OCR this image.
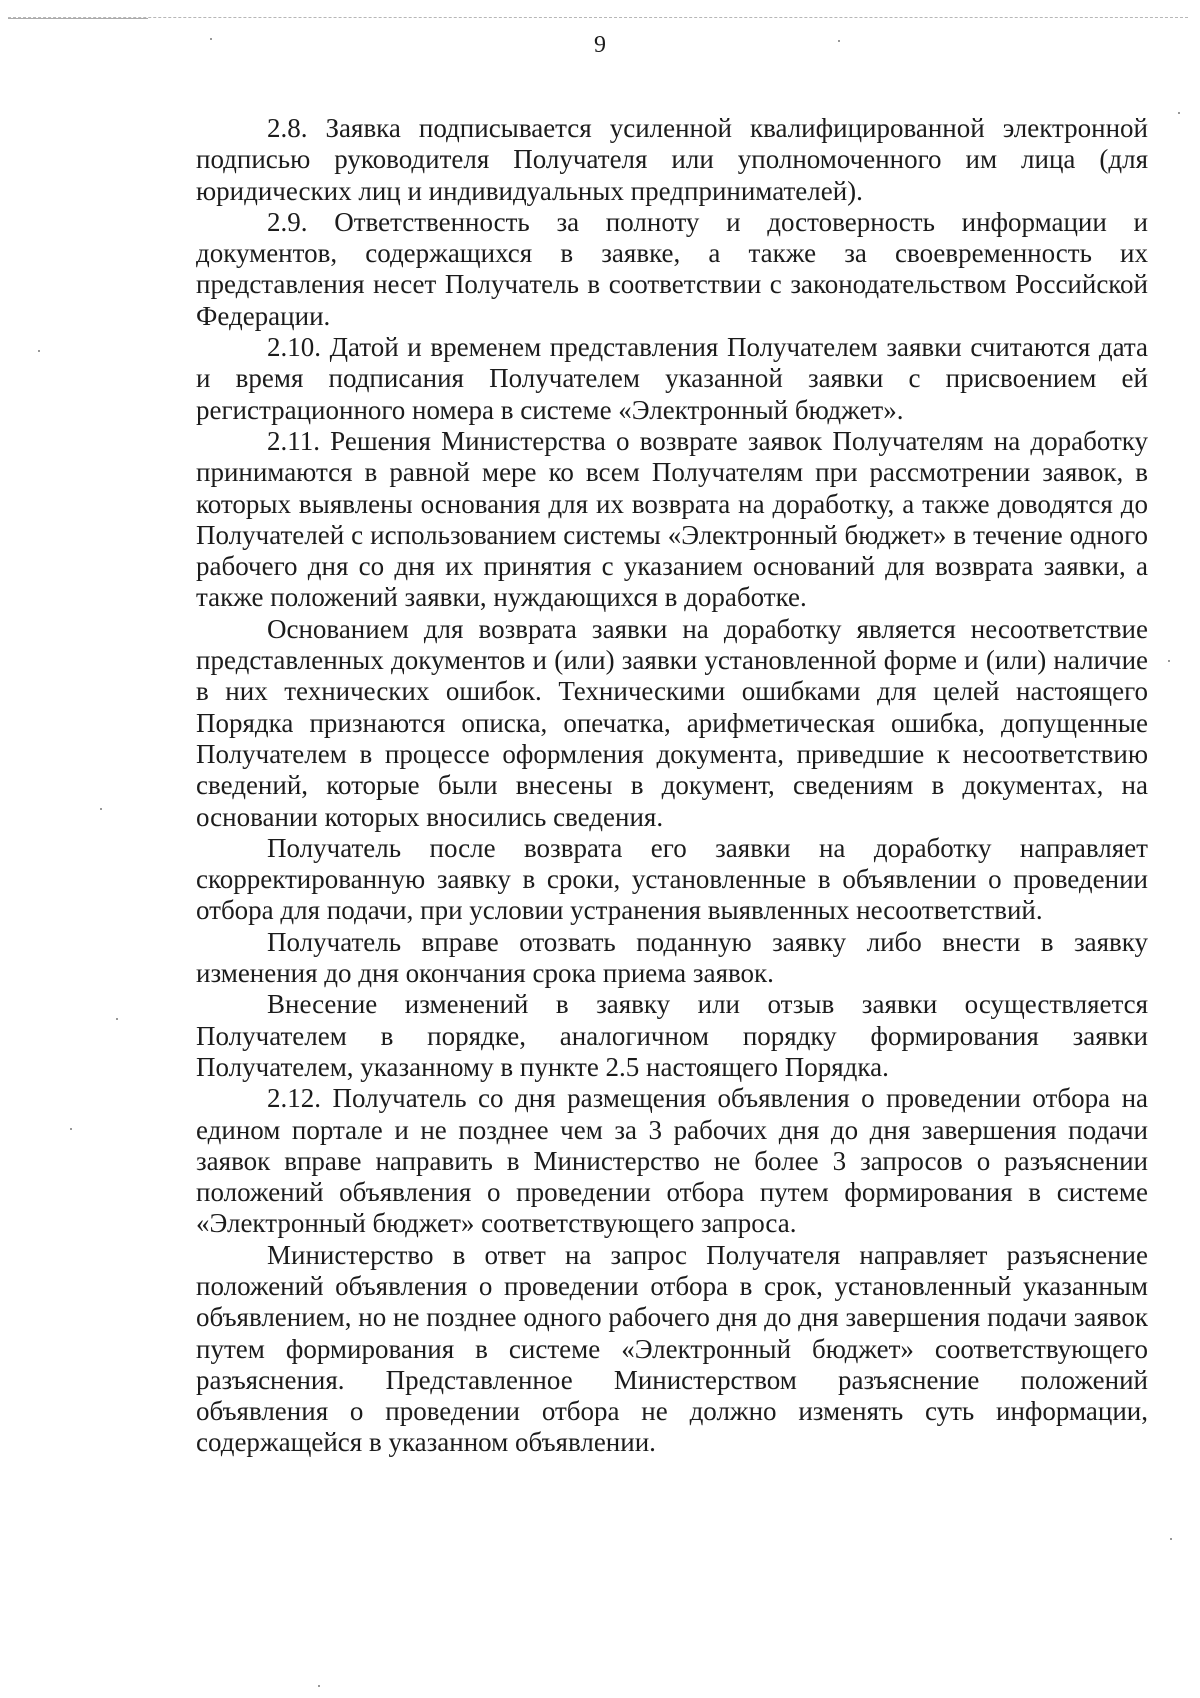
9

2.8. Заявка подписывается усиленной квалифицированной электронной подписью руководителя Получателя или уполномоченного им лица (для юридических лиц и индивидуальных предпринимателей).

2.9. Ответственность за полноту и достоверность информации и документов, содержащихся в заявке, а также за своевременность их представления несет Получатель в соответствии с законодательством Российской Федерации.

2.10. Датой и временем представления Получателем заявки считаются дата и время подписания Получателем указанной заявки с присвоением ей регистрационного номера в системе «Электронный бюджет».

2.11. Решения Министерства о возврате заявок Получателям на доработку принимаются в равной мере ко всем Получателям при рассмотрении заявок, в которых выявлены основания для их возврата на доработку, а также доводятся до Получателей с использованием системы «Электронный бюджет» в течение одного рабочего дня со дня их принятия с указанием оснований для возврата заявки, а также положений заявки, нуждающихся в доработке.

Основанием для возврата заявки на доработку является несоответствие представленных документов и (или) заявки установленной форме и (или) наличие в них технических ошибок. Техническими ошибками для целей настоящего Порядка признаются описка, опечатка, арифметическая ошибка, допущенные Получателем в процессе оформления документа, приведшие к несоответствию сведений, которые были внесены в документ, сведениям в документах, на основании которых вносились сведения.

Получатель после возврата его заявки на доработку направляет скорректированную заявку в сроки, установленные в объявлении о проведении отбора для подачи, при условии устранения выявленных несоответствий.

Получатель вправе отозвать поданную заявку либо внести в заявку изменения до дня окончания срока приема заявок.

Внесение изменений в заявку или отзыв заявки осуществляется Получателем в порядке, аналогичном порядку формирования заявки Получателем, указанному в пункте 2.5 настоящего Порядка.

2.12. Получатель со дня размещения объявления о проведении отбора на едином портале и не позднее чем за 3 рабочих дня до дня завершения подачи заявок вправе направить в Министерство не более 3 запросов о разъяснении положений объявления о проведении отбора путем формирования в системе «Электронный бюджет» соответствующего запроса.

Министерство в ответ на запрос Получателя направляет разъяснение положений объявления о проведении отбора в срок, установленный указанным объявлением, но не позднее одного рабочего дня до дня завершения подачи заявок путем формирования в системе «Электронный бюджет» соответствующего разъяснения. Представленное Министерством разъяснение положений объявления о проведении отбора не должно изменять суть информации, содержащейся в указанном объявлении.
